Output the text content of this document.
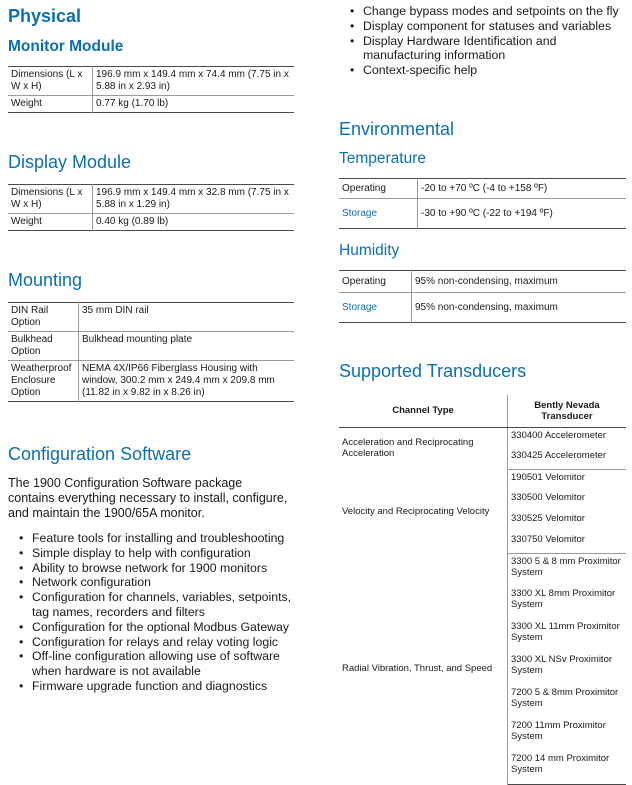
Physical
Monitor Module
Dimensions (L x W x H)	196.9 mm x 149.4 mm x 74.4 mm (7.75 in x 5.88 in x 2.93 in)
Weight	0.77 kg (1.70 lb)
Display Module
Dimensions (L x W x H)	196.9 mm x 149.4 mm x 32.8 mm (7.75 in x 5.88 in x 1.29 in)
Weight	0.40 kg (0.89 lb)
Mounting
DIN Rail Option	35 mm DIN rail
Bulkhead Option	Bulkhead mounting plate
Weatherproof Enclosure Option	NEMA 4X/IP66 Fiberglass Housing with window, 300.2 mm x 249.4 mm x 209.8 mm (11.82 in x 9.82 in x 8.26 in)
Configuration Software

The 1900 Configuration Software package contains everything necessary to install, configure, and maintain the 1900/65A monitor.

• Feature tools for installing and troubleshooting
• Simple display to help with configuration
• Ability to browse network for 1900 monitors
• Network configuration
• Configuration for channels, variables, setpoints, tag names, recorders and filters
• Configuration for the optional Modbus Gateway
• Configuration for relays and relay voting logic
• Off-line configuration allowing use of software when hardware is not available
• Firmware upgrade function and diagnostics
• Change bypass modes and setpoints on the fly
• Display component for statuses and variables
• Display Hardware Identification and manufacturing information
• Context-specific help
Environmental
Temperature
Operating	-20 to +70 ºC (-4 to +158 ºF)
Storage	-30 to +90 ºC (-22 to +194 ºF)
Humidity
Operating	95% non-condensing, maximum
Storage	95% non-condensing, maximum
Supported Transducers
Channel Type	Bently Nevada Transducer
Acceleration and Reciprocating Acceleration	330400 Accelerometer
	330425 Accelerometer
Velocity and Reciprocating Velocity	190501 Velomitor
	330500 Velomitor
	330525 Velomitor
	330750 Velomitor
Radial Vibration, Thrust, and Speed	3300 5 & 8 mm Proximitor System
	3300 XL 8mm Proximitor System
	3300 XL 11mm Proximitor System
	3300 XL NSv Proximitor System
	7200 5 & 8mm Proximitor System
	7200 11mm Proximitor System
	7200 14 mm Proximitor System
